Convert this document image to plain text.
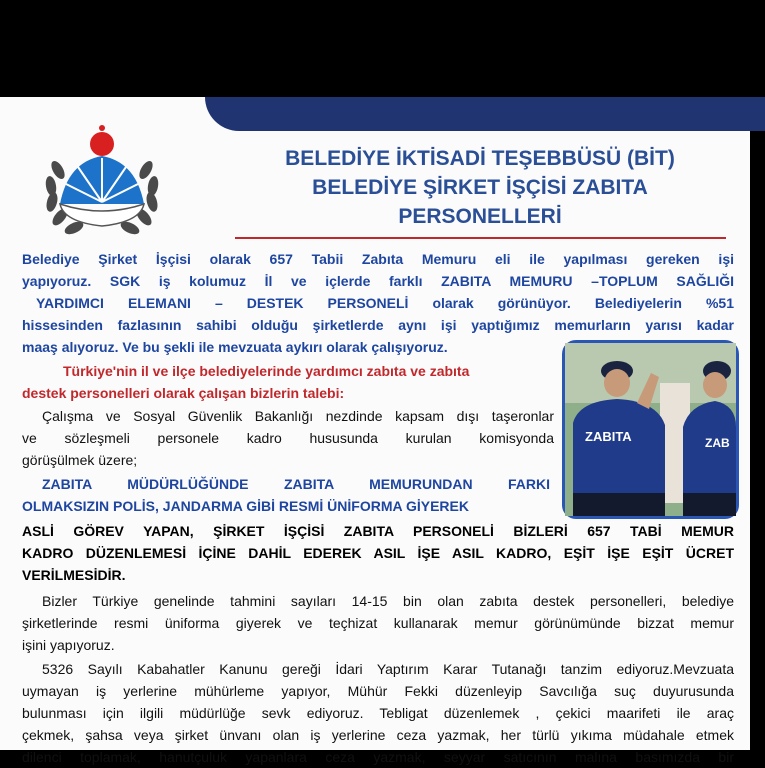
BELEDİYE İKTİSADİ TEŞEBBÜSÜ (BİT)
BELEDİYE ŞİRKET İŞÇİSİ ZABITA
PERSONELLERİ
Belediye Şirket İşçisi olarak 657 Tabii Zabıta Memuru eli ile yapılması gereken işi
yapıyoruz. SGK iş kolumuz İl ve içlerde farklı ZABITA MEMURU –TOPLUM SAĞLIĞI
YARDIMCI ELEMANI – DESTEK PERSONELİ olarak görünüyor. Belediyelerin %51
hissesinden fazlasının sahibi olduğu şirketlerde aynı işi yaptığımız memurların yarısı kadar
maaş alıyoruz. Ve bu şekli ile mevzuata aykırı olarak çalışıyoruz.
Türkiye'nin il ve ilçe belediyelerinde yardımcı zabıta ve zabıta
destek personelleri olarak çalışan bizlerin talebi:
Çalışma ve Sosyal Güvenlik Bakanlığı nezdinde kapsam dışı taşeronlar
ve sözleşmeli personele kadro hususunda kurulan komisyonda
görüşülmek üzere;
ZABITA MÜDÜRLÜĞÜNDE ZABITA MEMURUNDAN FARKI
OLMAKSIZIN POLİS, JANDARMA GİBİ RESMİ ÜNİFORMA GİYEREK
ASLİ GÖREV YAPAN, ŞİRKET İŞÇİSİ ZABITA PERSONELİ BİZLERİ 657 TABİ MEMUR
KADRO DÜZENLEMESİ İÇİNE DAHİL EDEREK ASIL İŞE ASIL KADRO, EŞİT İŞE EŞİT ÜCRET
VERİLMESİDİR.
Bizler Türkiye genelinde tahmini sayıları 14-15 bin olan zabıta destek personelleri, belediye
şirketlerinde resmi üniforma giyerek ve teçhizat kullanarak memur görünümünde bizzat memur
işini yapıyoruz.
5326 Sayılı Kabahatler Kanunu gereği İdari Yaptırım Karar Tutanağı tanzim ediyoruz.Mevzuata
uymayan iş yerlerine mühürleme yapıyor, Mühür Fekki düzenleyip Savcılığa suç duyurusunda
bulunması için ilgili müdürlüğe sevk ediyoruz. Tebligat düzenlemek , çekici maarifeti ile araç
çekmek, şahsa veya şirket ünvanı olan iş yerlerine ceza yazmak, her türlü yıkıma müdahale etmek
dilenci toplamak, hanutçuluk yapanlara ceza yazmak, seyyar satıcının malına basımızda bir
ZABITA	ZAB
